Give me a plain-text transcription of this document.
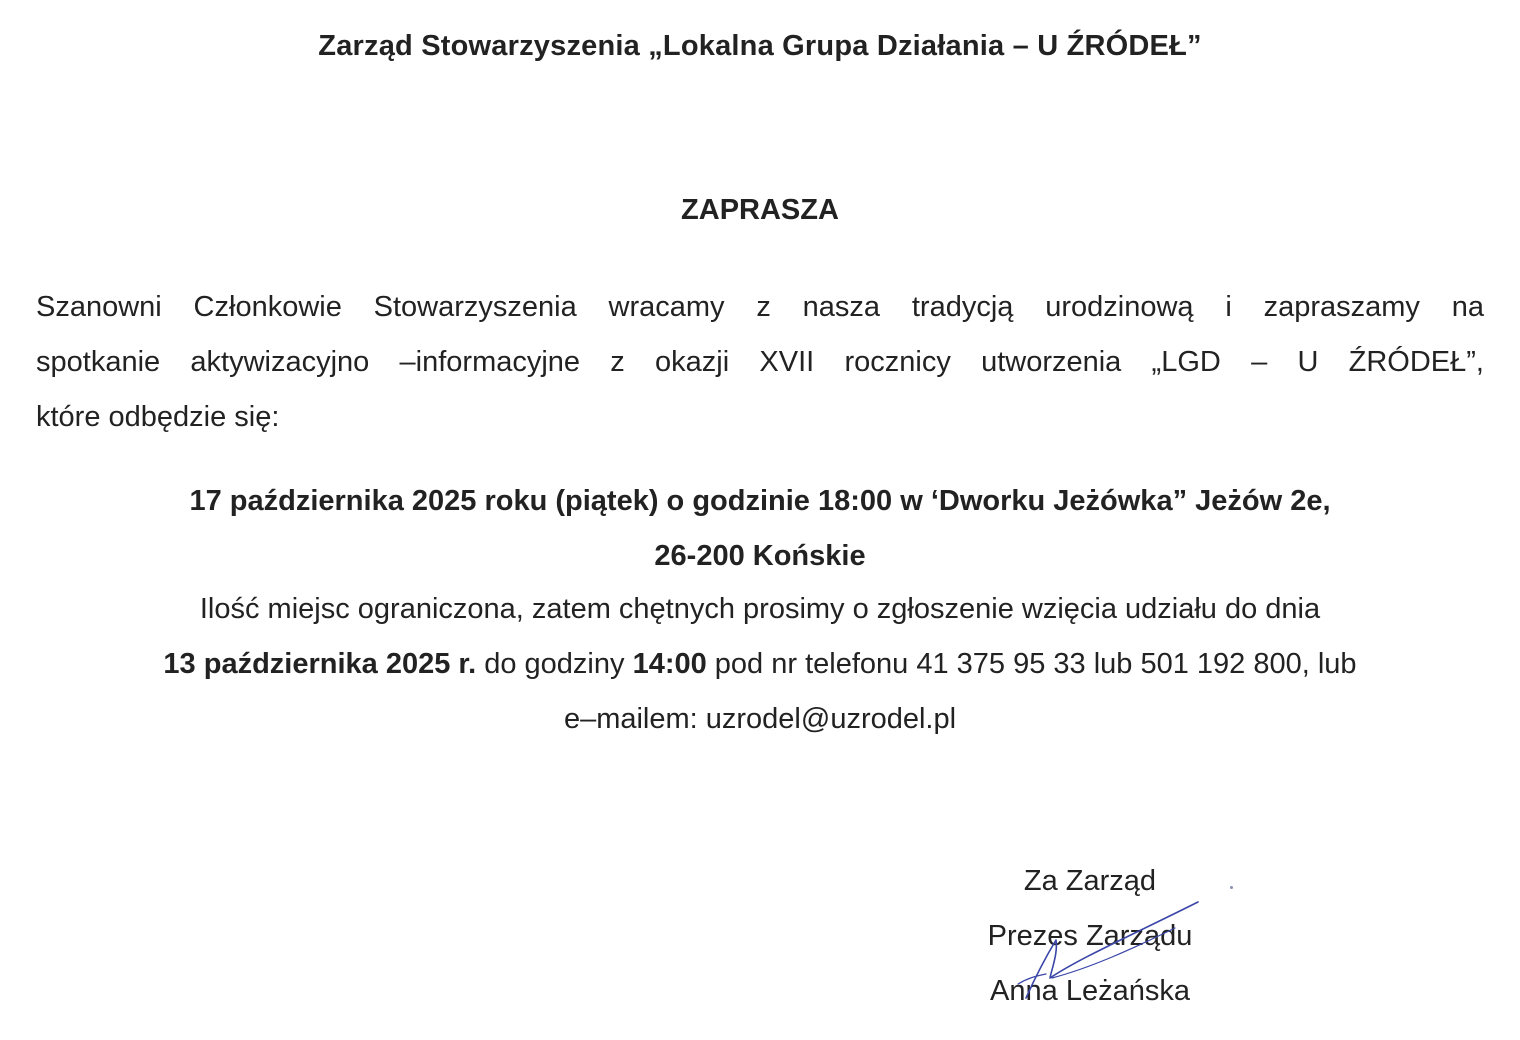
Zarząd Stowarzyszenia „Lokalna Grupa Działania – U ŹRÓDEŁ”
ZAPRASZA
Szanowni Członkowie Stowarzyszenia wracamy z nasza tradycją urodzinową i zapraszamy na
spotkanie aktywizacyjno –informacyjne z okazji XVII rocznicy utworzenia „LGD – U ŹRÓDEŁ”,
które odbędzie się:
17 października 2025 roku (piątek) o godzinie 18:00 w ‘Dworku Jeżówka” Jeżów 2e,
26-200 Końskie
Ilość miejsc ograniczona, zatem chętnych prosimy o zgłoszenie wzięcia udziału do dnia
13 października 2025 r. do godziny 14:00 pod nr telefonu 41 375 95 33 lub 501 192 800, lub
e–mailem: uzrodel@uzrodel.pl
Za Zarząd
Prezes Zarządu
Anna Leżańska
